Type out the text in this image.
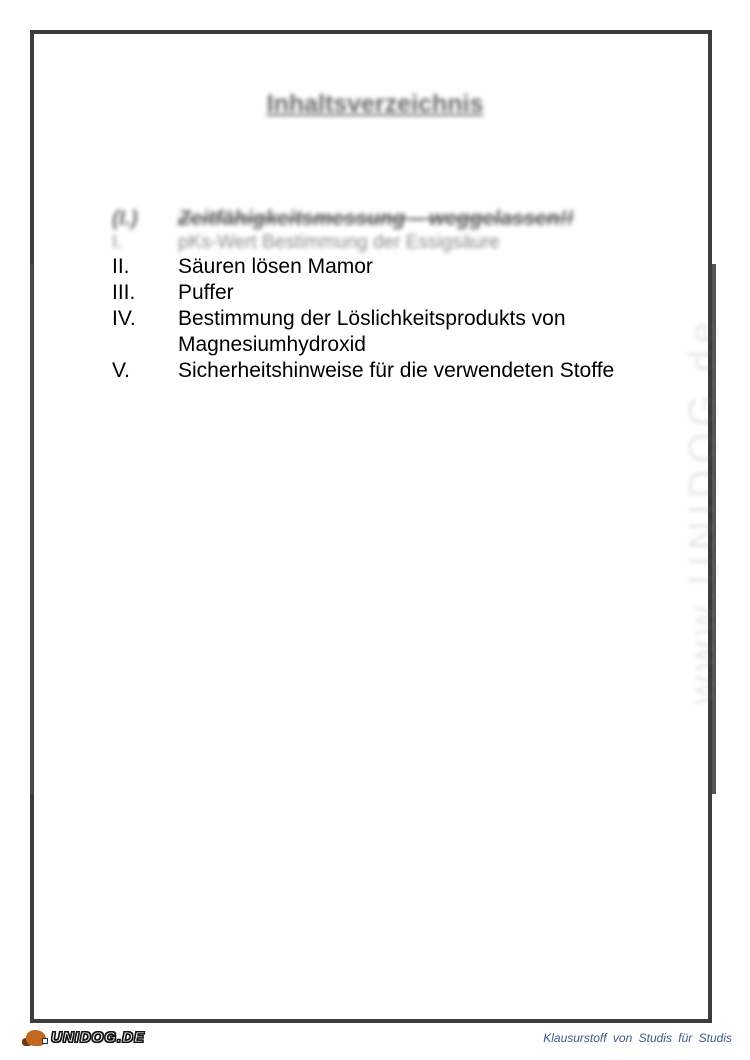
Inhaltsverzeichnis
(I.)	Zeitfähigkeitsmessung – weggelassen!!
I.	pKs-Wert Bestimmung der Essigsäure
II.	Säuren lösen Mamor
III.	Puffer
IV.	Bestimmung der Löslichkeitsprodukts von
Magnesiumhydroxid
V.	Sicherheitshinweise für die verwendeten Stoffe	www.UNIDOG.de
UNIDOG.DE	Klausurstoff von Studis für Studis
